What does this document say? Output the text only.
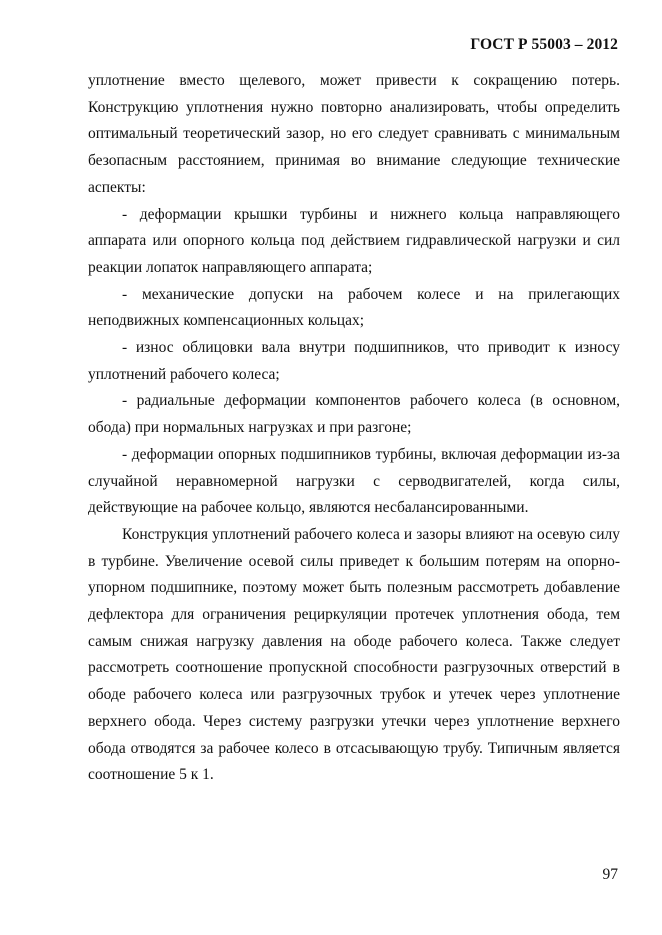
ГОСТ Р 55003 – 2012

уплотнение вместо щелевого, может привести к сокращению потерь. Конструкцию уплотнения нужно повторно анализировать, чтобы определить оптимальный теоретический зазор, но его следует сравнивать с минимальным безопасным расстоянием, принимая во внимание следующие технические аспекты:

- деформации крышки турбины и нижнего кольца направляющего аппарата или опорного кольца под действием гидравлической нагрузки и сил реакции лопаток направляющего аппарата;

- механические допуски на рабочем колесе и на прилегающих неподвижных компенсационных кольцах;

- износ облицовки вала внутри подшипников, что приводит к износу уплотнений рабочего колеса;

- радиальные деформации компонентов рабочего колеса (в основном, обода) при нормальных нагрузках и при разгоне;

- деформации опорных подшипников турбины, включая деформации из-за случайной неравномерной нагрузки с серводвигателей, когда силы, действующие на рабочее кольцо, являются несбалансированными.

Конструкция уплотнений рабочего колеса и зазоры влияют на осевую силу в турбине. Увеличение осевой силы приведет к большим потерям на опорно-упорном подшипнике, поэтому может быть полезным рассмотреть добавление дефлектора для ограничения рециркуляции протечек уплотнения обода, тем самым снижая нагрузку давления на ободе рабочего колеса. Также следует рассмотреть соотношение пропускной способности разгрузочных отверстий в ободе рабочего колеса или разгрузочных трубок и утечек через уплотнение верхнего обода. Через систему разгрузки утечки через уплотнение верхнего обода отводятся за рабочее колесо в отсасывающую трубу. Типичным является соотношение 5 к 1.

97
